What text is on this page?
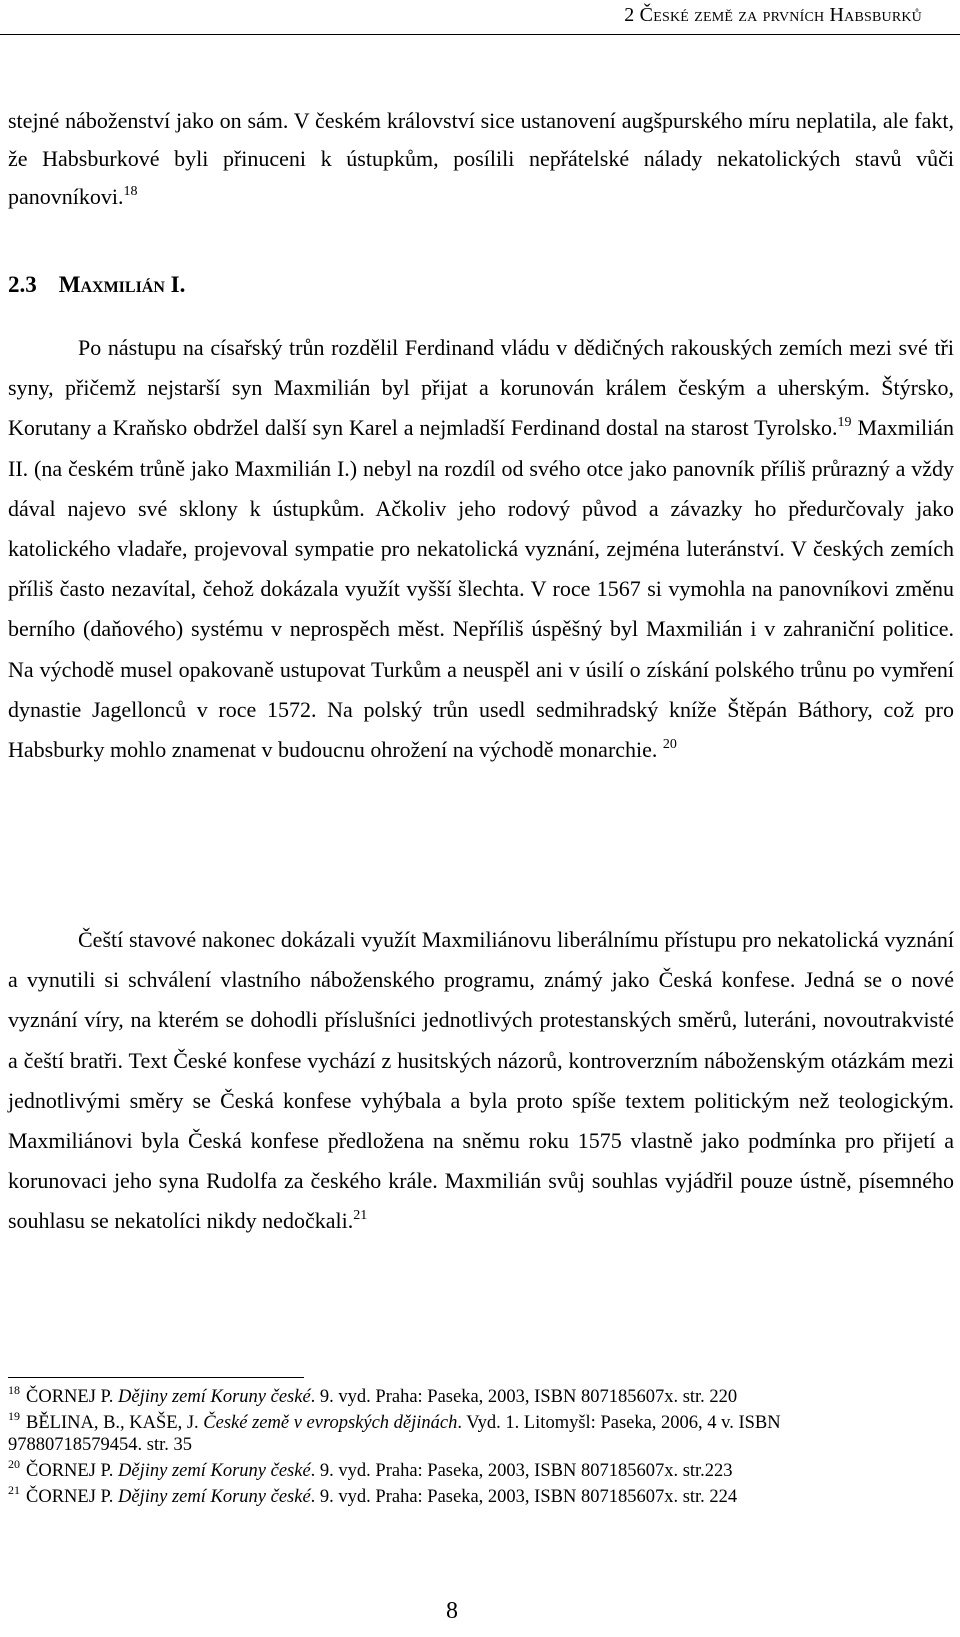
2 České země za prvních Habsburků

stejné náboženství jako on sám. V českém království sice ustanovení augšpurského míru neplatila, ale fakt, že Habsburkové byli přinuceni k ústupkům, posílili nepřátelské nálady nekatolických stavů vůči panovníkovi.$^{18}$

2.3 Maxmilián I.

Po nástupu na císařský trůn rozdělil Ferdinand vládu v dědičných rakouských zemích mezi své tři syny, přičemž nejstarší syn Maxmilián byl přijat a korunován králem českým a uherským. Štýrsko, Korutany a Kraňsko obdržel další syn Karel a nejmladší Ferdinand dostal na starost Tyrolsko.$^{19}$ Maxmilián II. (na českém trůně jako Maxmilián I.) nebyl na rozdíl od svého otce jako panovník příliš průrazný a vždy dával najevo své sklony k ústupkům. Ačkoliv jeho rodový původ a závazky ho předurčovaly jako katolického vladaře, projevoval sympatie pro nekatolická vyznání, zejména luteránství. V českých zemích příliš často nezavítal, čehož dokázala využít vyšší šlechta. V roce 1567 si vymohla na panovníkovi změnu berního (daňového) systému v neprospěch měst. Nepříliš úspěšný byl Maxmilián i v zahraniční politice. Na východě musel opakovaně ustupovat Turkům a neuspěl ani v úsilí o získání polského trůnu po vymření dynastie Jagellonců v roce 1572. Na polský trůn usedl sedmihradský kníže Štěpán Báthory, což pro Habsburky mohlo znamenat v budoucnu ohrožení na východě monarchie. $^{20}$

Čeští stavové nakonec dokázali využít Maxmiliánovu liberálnímu přístupu pro nekatolická vyznání a vynutili si schválení vlastního náboženského programu, známý jako Česká konfese. Jedná se o nové vyznání víry, na kterém se dohodli příslušníci jednotlivých protestanských směrů, luteráni, novoutrakvisté a čeští bratři. Text České konfese vychází z husitských názorů, kontroverzním náboženským otázkám mezi jednotlivými směry se Česká konfese vyhýbala a byla proto spíše textem politickým než teologickým. Maxmiliánovi byla Česká konfese předložena na sněmu roku 1575 vlastně jako podmínka pro přijetí a korunovaci jeho syna Rudolfa za českého krále. Maxmilián svůj souhlas vyjádřil pouze ústně, písemného souhlasu se nekatolíci nikdy nedočkali.$^{21}$

$^{18}$ ČORNEJ P. Dějiny zemí Koruny české. 9. vyd. Praha: Paseka, 2003, ISBN 807185607x. str. 220

$^{19}$ BĚLINA, B., KAŠE, J. České země v evropských dějinách. Vyd. 1. Litomyšl: Paseka, 2006, 4 v. ISBN 97880718579454. str. 35

$^{20}$ ČORNEJ P. Dějiny zemí Koruny české. 9. vyd. Praha: Paseka, 2003, ISBN 807185607x. str.223

$^{21}$ ČORNEJ P. Dějiny zemí Koruny české. 9. vyd. Praha: Paseka, 2003, ISBN 807185607x. str. 224

8
